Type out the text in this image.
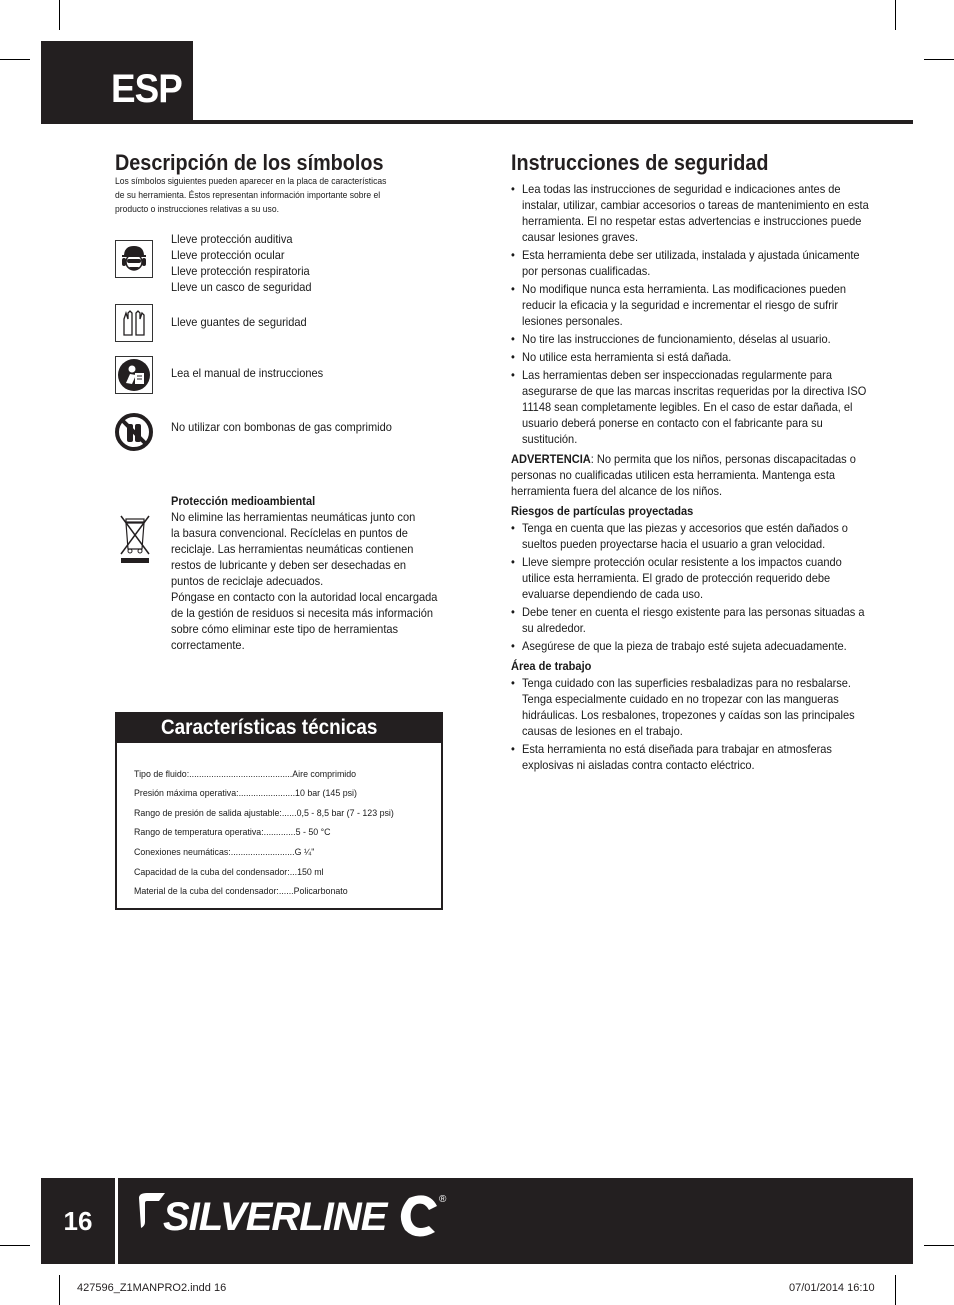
ESP
Descripción de los símbolos
Los símbolos siguientes pueden aparecer en la placa de características
de su herramienta. Éstos representan información importante sobre el
producto o instrucciones relativas a su uso.
Lleve protección auditiva
Lleve protección ocular
Lleve protección respiratoria
Lleve un casco de seguridad
Lleve guantes de seguridad
Lea el manual de instrucciones
No utilizar con bombonas de gas comprimido
Protección medioambiental
No elimine las herramientas neumáticas junto con
la basura convencional. Recíclelas en puntos de
reciclaje. Las herramientas neumáticas contienen
restos de lubricante y deben ser desechadas en
puntos de reciclaje adecuados.
Póngase en contacto con la autoridad local encargada
de la gestión de residuos si necesita más información
sobre cómo eliminar este tipo de herramientas
correctamente.
Características técnicas
Tipo de fluido:..........................................Aire comprimido
Presión máxima operativa:.......................10 bar (145 psi)
Rango de presión de salida ajustable:......0,5 - 8,5 bar (7 - 123 psi)
Rango de temperatura operativa:.............5 - 50 °C
Conexiones neumáticas:..........................G ¼"
Capacidad de la cuba del condensador:...150 ml
Material de la cuba del condensador:......Policarbonato
Instrucciones de seguridad
• Lea todas las instrucciones de seguridad e indicaciones antes de instalar, utilizar, cambiar accesorios o tareas de mantenimiento en esta herramienta. El no respetar estas advertencias e instrucciones puede causar lesiones graves.
• Esta herramienta debe ser utilizada, instalada y ajustada únicamente por personas cualificadas.
• No modifique nunca esta herramienta. Las modificaciones pueden reducir la eficacia y la seguridad e incrementar el riesgo de sufrir lesiones personales.
• No tire las instrucciones de funcionamiento, déselas al usuario.
• No utilice esta herramienta si está dañada.
• Las herramientas deben ser inspeccionadas regularmente para asegurarse de que las marcas inscritas requeridas por la directiva ISO 11148 sean completamente legibles. En el caso de estar dañada, el usuario deberá ponerse en contacto con el fabricante para su sustitución.
ADVERTENCIA: No permita que los niños, personas discapacitadas o personas no cualificadas utilicen esta herramienta. Mantenga esta herramienta fuera del alcance de los niños.
Riesgos de partículas proyectadas
• Tenga en cuenta que las piezas y accesorios que estén dañados o sueltos pueden proyectarse hacia el usuario a gran velocidad.
• Lleve siempre protección ocular resistente a los impactos cuando utilice esta herramienta. El grado de protección requerido debe evaluarse dependiendo de cada uso.
• Debe tener en cuenta el riesgo existente para las personas situadas a su alrededor.
• Asegúrese de que la pieza de trabajo esté sujeta adecuadamente.
Área de trabajo
• Tenga cuidado con las superficies resbaladizas para no resbalarse. Tenga especialmente cuidado en no tropezar con las mangueras hidráulicas. Los resbalones, tropezones y caídas son las principales causas de lesiones en el trabajo.
• Esta herramienta no está diseñada para trabajar en atmosferas explosivas ni aisladas contra contacto eléctrico.
16	SILVERLINE	®
427596_Z1MANPRO2.indd 16	07/01/2014 16:10
